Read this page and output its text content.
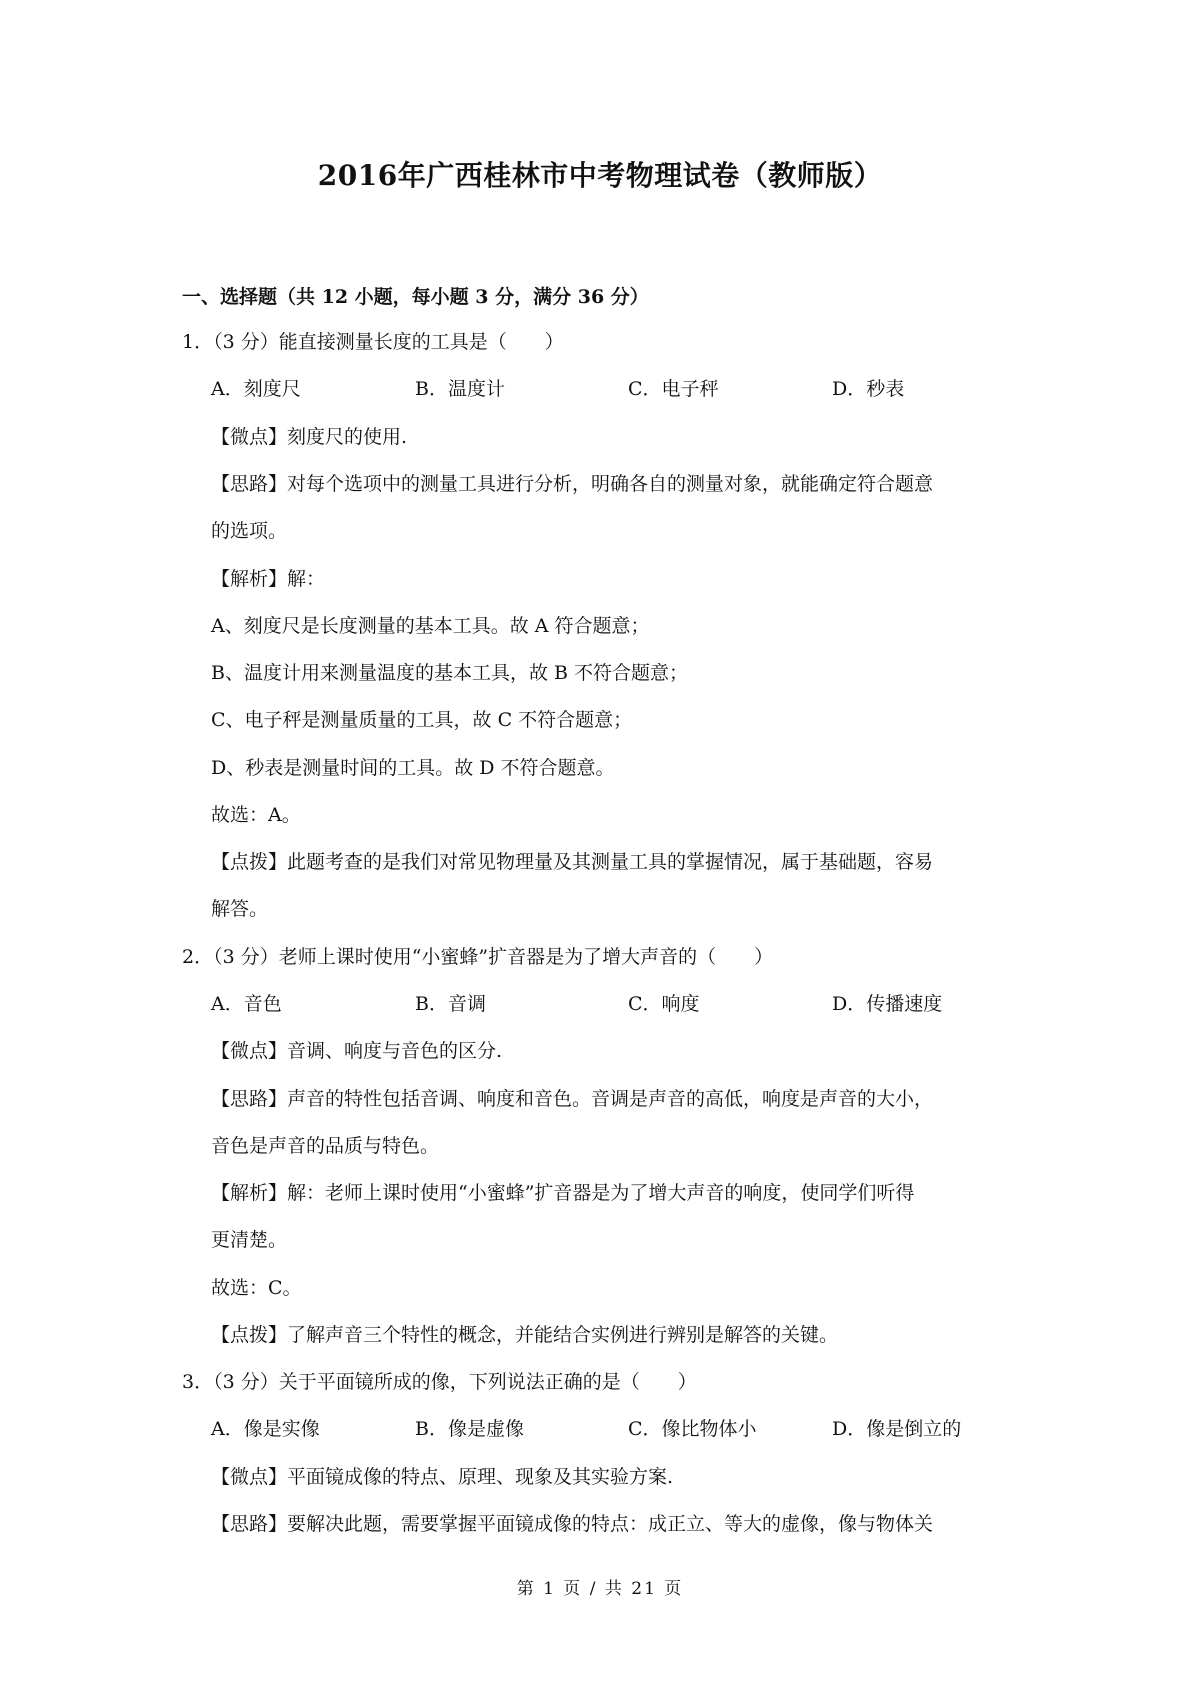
2016年广西桂林市中考物理试卷（教师版）
一、选择题（共 12 小题，每小题 3 分，满分 36 分）
1．（3 分）能直接测量长度的工具是（　　）
A．刻度尺	B．温度计	C．电子秤	D．秒表
【微点】刻度尺的使用.
【思路】对每个选项中的测量工具进行分析，明确各自的测量对象，就能确定符合题意
的选项。
【解析】解：
A、刻度尺是长度测量的基本工具。故 A 符合题意；
B、温度计用来测量温度的基本工具，故 B 不符合题意；
C、电子秤是测量质量的工具，故 C 不符合题意；
D、秒表是测量时间的工具。故 D 不符合题意。
故选：A。
【点拨】此题考查的是我们对常见物理量及其测量工具的掌握情况，属于基础题，容易
解答。
2．（3 分）老师上课时使用“小蜜蜂”扩音器是为了增大声音的（　　）
A．音色	B．音调	C．响度	D．传播速度
【微点】音调、响度与音色的区分.
【思路】声音的特性包括音调、响度和音色。音调是声音的高低，响度是声音的大小，
音色是声音的品质与特色。
【解析】解：老师上课时使用“小蜜蜂”扩音器是为了增大声音的响度，使同学们听得
更清楚。
故选：C。
【点拨】了解声音三个特性的概念，并能结合实例进行辨别是解答的关键。
3．（3 分）关于平面镜所成的像，下列说法正确的是（　　）
A．像是实像	B．像是虚像	C．像比物体小	D．像是倒立的
【微点】平面镜成像的特点、原理、现象及其实验方案.
【思路】要解决此题，需要掌握平面镜成像的特点：成正立、等大的虚像，像与物体关
第 1 页 / 共 21 页
